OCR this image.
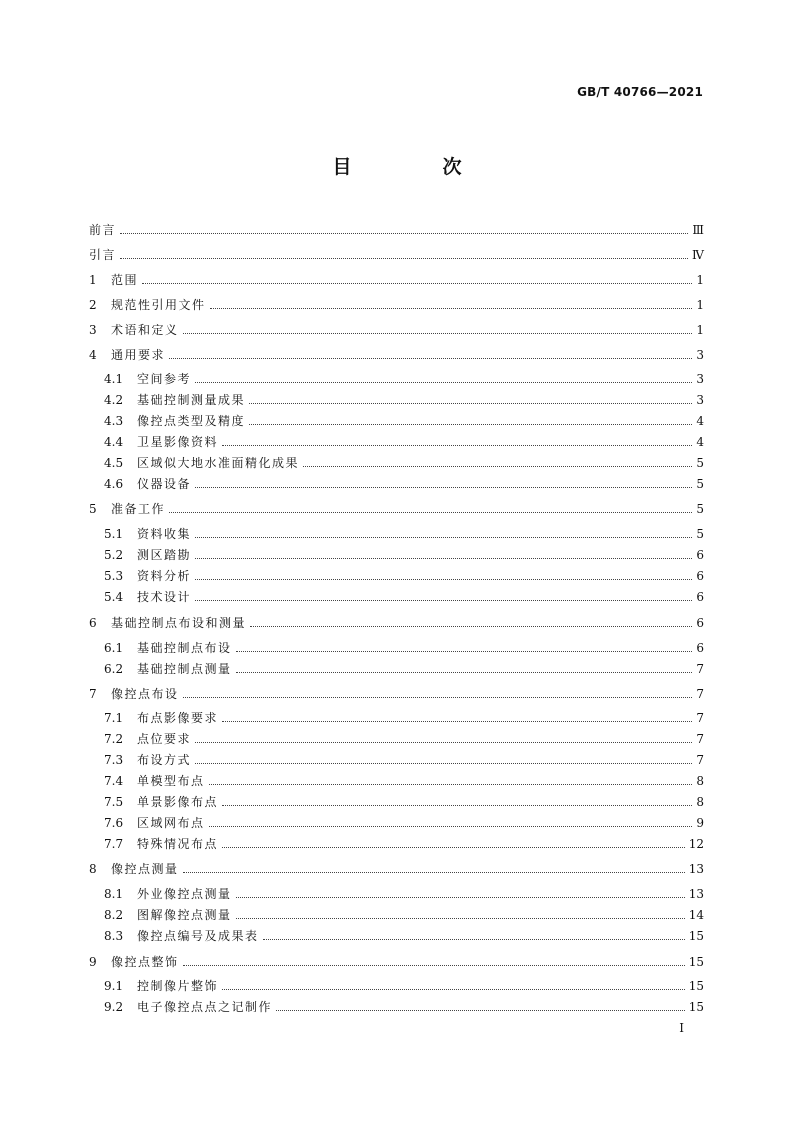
GB/T 40766—2021
目　次
前言	Ⅲ
引言	Ⅳ
1	范围	1
2	规范性引用文件	1
3	术语和定义	1
4	通用要求	3
4.1	空间参考	3
4.2	基础控制测量成果	3
4.3	像控点类型及精度	4
4.4	卫星影像资料	4
4.5	区域似大地水准面精化成果	5
4.6	仪器设备	5
5	准备工作	5
5.1	资料收集	5
5.2	测区踏勘	6
5.3	资料分析	6
5.4	技术设计	6
6	基础控制点布设和测量	6
6.1	基础控制点布设	6
6.2	基础控制点测量	7
7	像控点布设	7
7.1	布点影像要求	7
7.2	点位要求	7
7.3	布设方式	7
7.4	单模型布点	8
7.5	单景影像布点	8
7.6	区域网布点	9
7.7	特殊情况布点	12
8	像控点测量	13
8.1	外业像控点测量	13
8.2	图解像控点测量	14
8.3	像控点编号及成果表	15
9	像控点整饰	15
9.1	控制像片整饰	15
9.2	电子像控点点之记制作	15
I
